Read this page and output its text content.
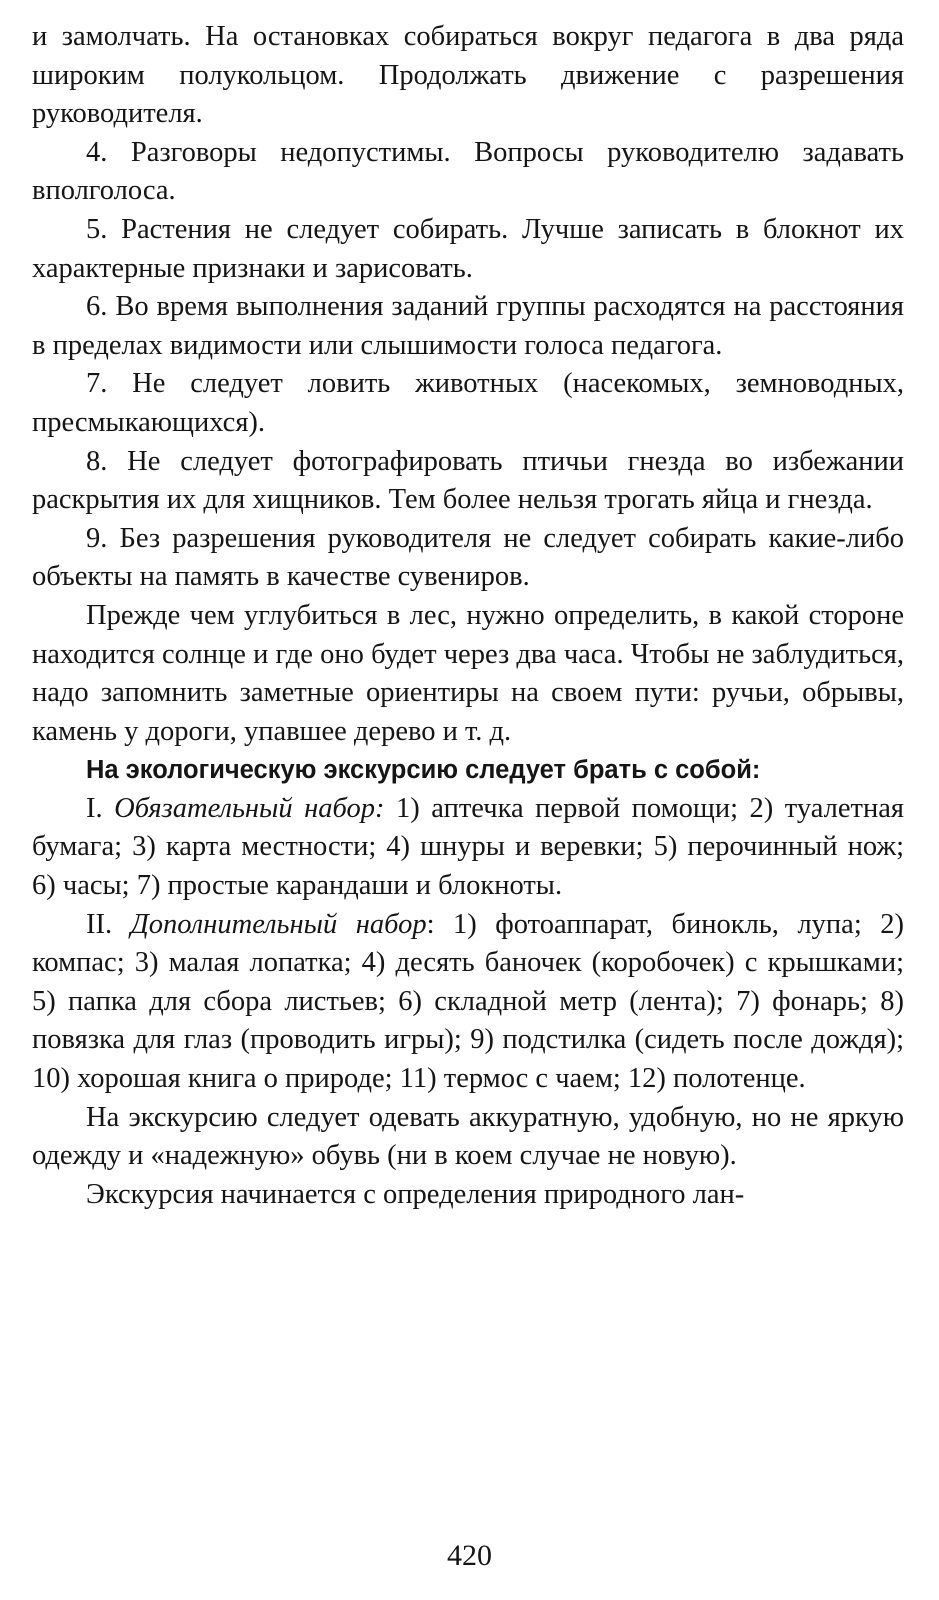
и замолчать. На остановках собираться вокруг педагога в два ряда широким полукольцом. Продолжать движение с разрешения руководителя.

4. Разговоры недопустимы. Вопросы руководителю задавать вполголоса.

5. Растения не следует собирать. Лучше записать в блокнот их характерные признаки и зарисовать.

6. Во время выполнения заданий группы расходятся на расстояния в пределах видимости или слышимости голоса педагога.

7. Не следует ловить животных (насекомых, земноводных, пресмыкающихся).

8. Не следует фотографировать птичьи гнезда во избежании раскрытия их для хищников. Тем более нельзя трогать яйца и гнезда.

9. Без разрешения руководителя не следует собирать какие-либо объекты на память в качестве сувениров.

Прежде чем углубиться в лес, нужно определить, в какой стороне находится солнце и где оно будет через два часа. Чтобы не заблудиться, надо запомнить заметные ориентиры на своем пути: ручьи, обрывы, камень у дороги, упавшее дерево и т. д.

На экологическую экскурсию следует брать с собой:

I. Обязательный набор: 1) аптечка первой помощи; 2) туалетная бумага; 3) карта местности; 4) шнуры и веревки; 5) перочинный нож; 6) часы; 7) простые карандаши и блокноты.

II. Дополнительный набор: 1) фотоаппарат, бинокль, лупа; 2) компас; 3) малая лопатка; 4) десять баночек (коробочек) с крышками; 5) папка для сбора листьев; 6) складной метр (лента); 7) фонарь; 8) повязка для глаз (проводить игры); 9) подстилка (сидеть после дождя); 10) хорошая книга о природе; 11) термос с чаем; 12) полотенце.

На экскурсию следует одевать аккуратную, удобную, но не яркую одежду и «надежную» обувь (ни в коем случае не новую).

Экскурсия начинается с определения природного лан-

420
